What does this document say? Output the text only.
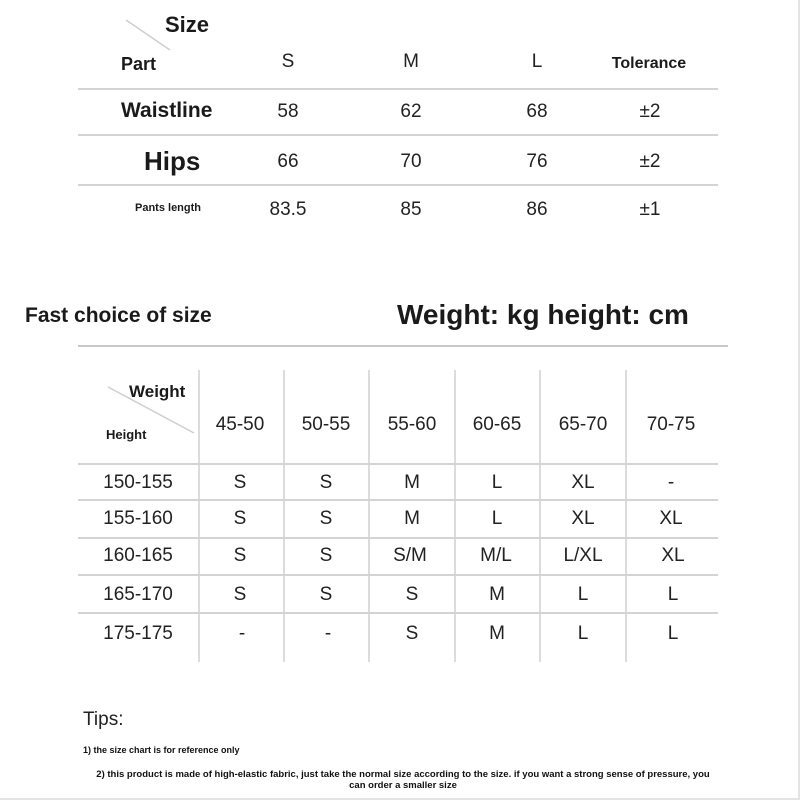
Size
Part	S	M	L	Tolerance
Waistline	58	62	68	±2
Hips	66	70	76	±2
Pants length	83.5	85	86	±1
Fast choice of size	Weight: kg height: cm
Weight
Height	45-50 50-55 55-60 60-65 65-70 70-75
150-155	S	S	M	L	XL	-
155-160	S	S	M	L	XL	XL
160-165	S	S	S/M	M/L	L/XL	XL
165-170	S	S	S	M	L	L
175-175	-	-	S	M	L	L
Tips:
1) the size chart is for reference only
2) this product is made of high-elastic fabric, just take the normal size according to the size. if you want a strong sense of pressure, you
can order a smaller size
